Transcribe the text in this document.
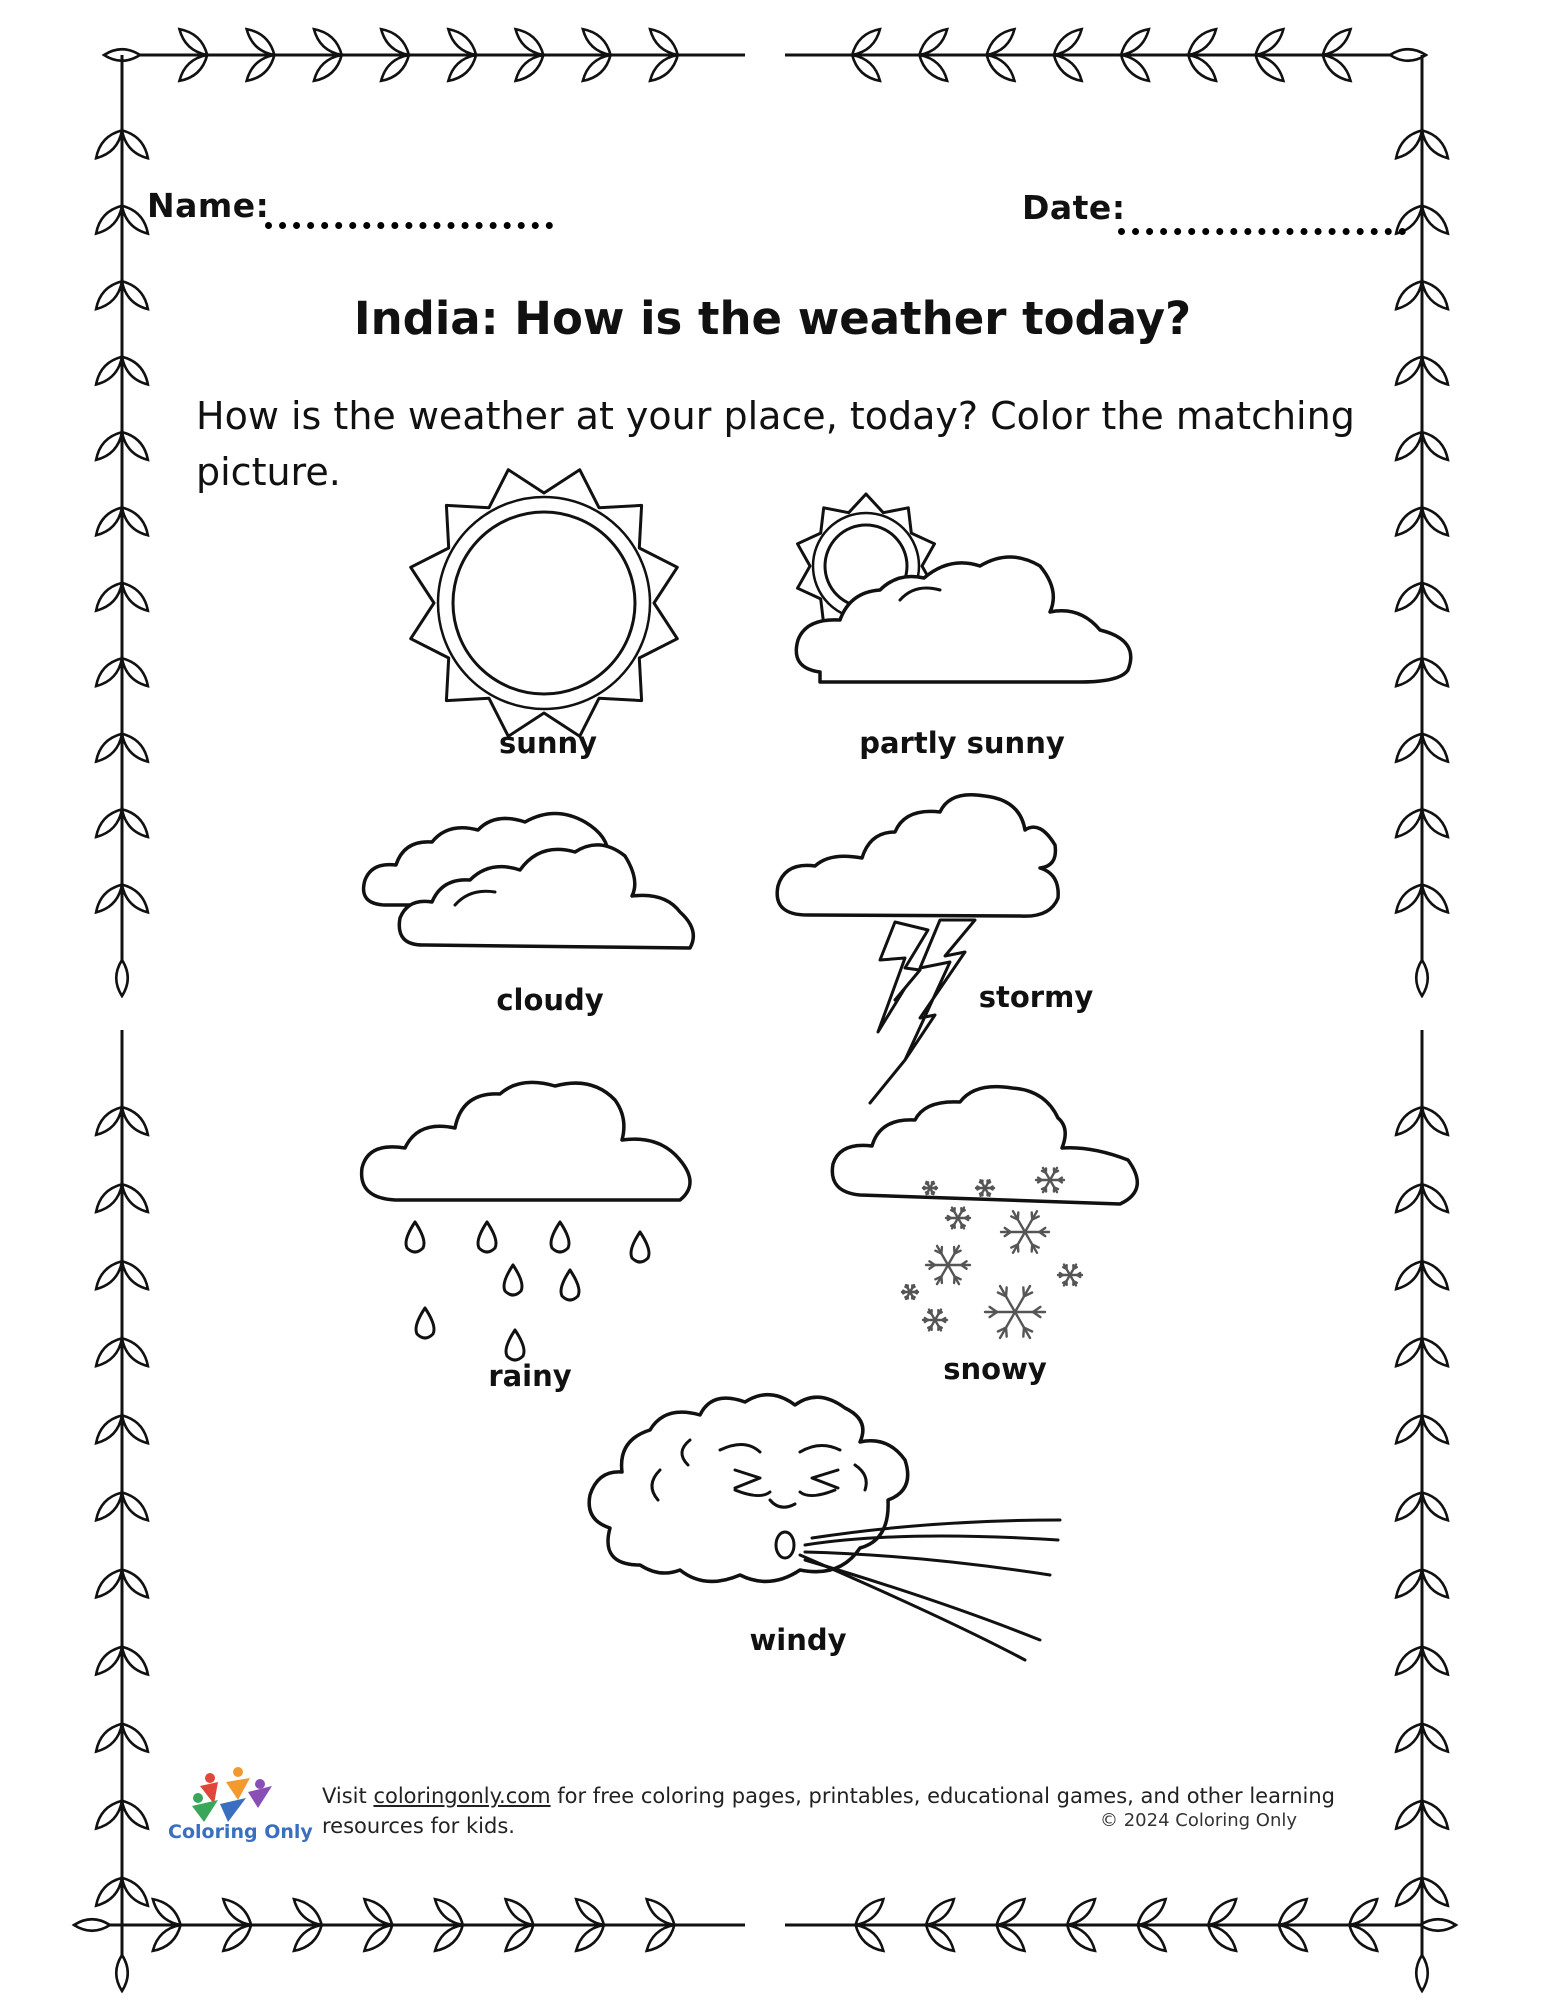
Name:	Date:
India: How is the weather today?
How is the weather at your place, today? Color the matching picture.
sunny	partly sunny
cloudy	stormy
rainy	snowy
windy
Coloring Only
Visit coloringonly.com for free coloring pages, printables, educational games, and other learning resources for kids.	© 2024 Coloring Only
